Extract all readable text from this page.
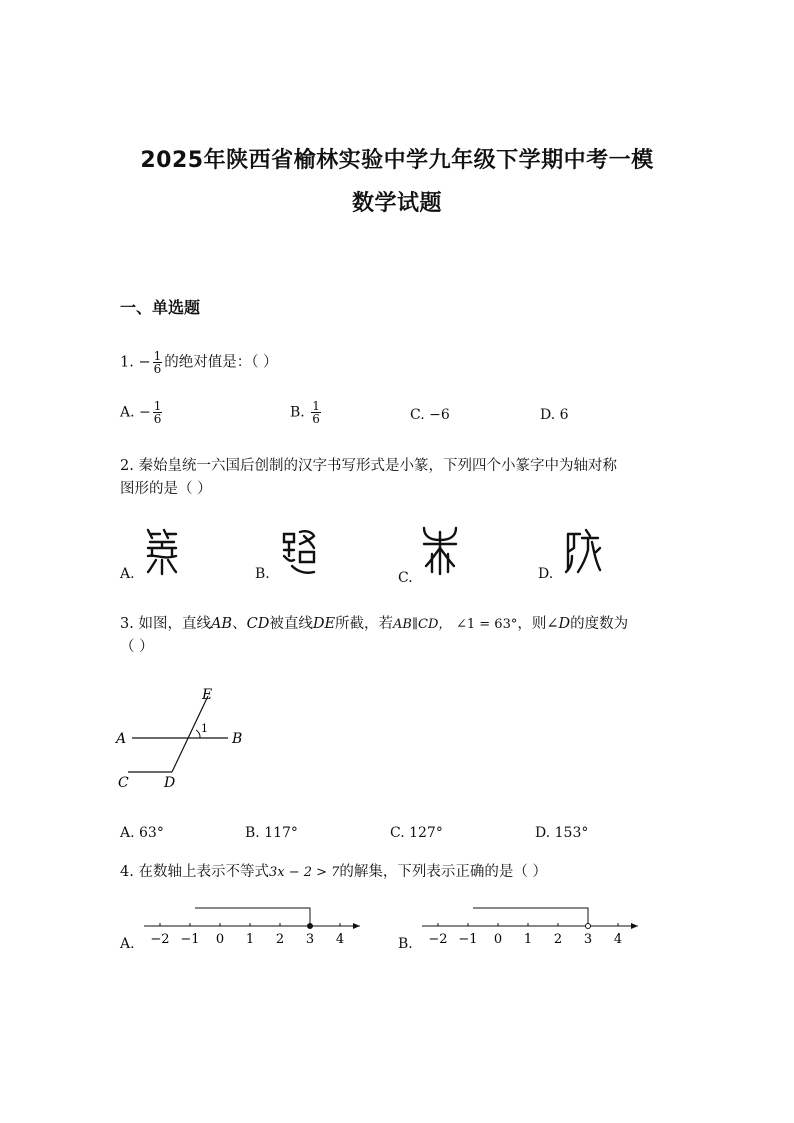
2025年陕西省榆林实验中学九年级下学期中考一模
数学试题
一、单选题
1. − $\frac{1}{6}$ 的绝对值是：（ ）
A. − $\frac{1}{6}$	B. $\frac{1}{6}$	C. −6	D. 6
2. 秦始皇统一六国后创制的汉字书写形式是小篆，下列四个小篆字中为轴对称
图形的是（ ）
A.	B.	C.	D.
3. 如图，直线AB、CD被直线DE所截，若AB∥CD， ∠1 = 63°，则∠D的度数为
（ ）
A	B
C	D
E
1
A. 63°	B. 117°	C. 127°	D. 153°
4. 在数轴上表示不等式3x − 2 > 7的解集，下列表示正确的是（ ）
A. −2 −1 0 1 2 3 4	B. −2 −1 0 1 2 3 4
